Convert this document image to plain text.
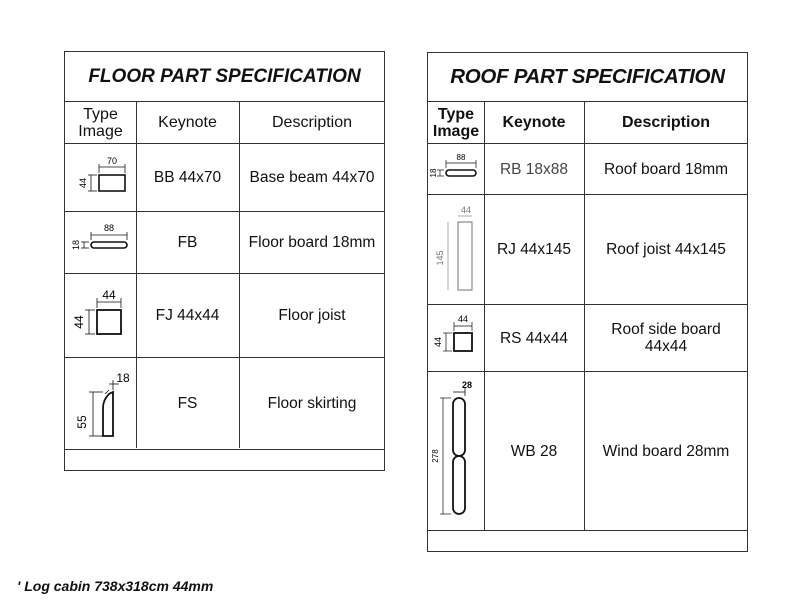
FLOOR PART SPECIFICATION
Type
Image	Keynote	Description
70
44	BB 44x70	Base beam 44x70
88
18	FB	Floor board 18mm
44
44	FJ 44x44	Floor joist
18
55
FS	Floor skirting
ROOF PART SPECIFICATION
Type
Image	Keynote	Description
88
18	RB 18x88	Roof board 18mm
44
145	RJ 44x145	Roof joist 44x145
44
44	RS 44x44	Roof side board
44x44
28
278	WB 28	Wind board 28mm
' Log cabin 738x318cm 44mm
